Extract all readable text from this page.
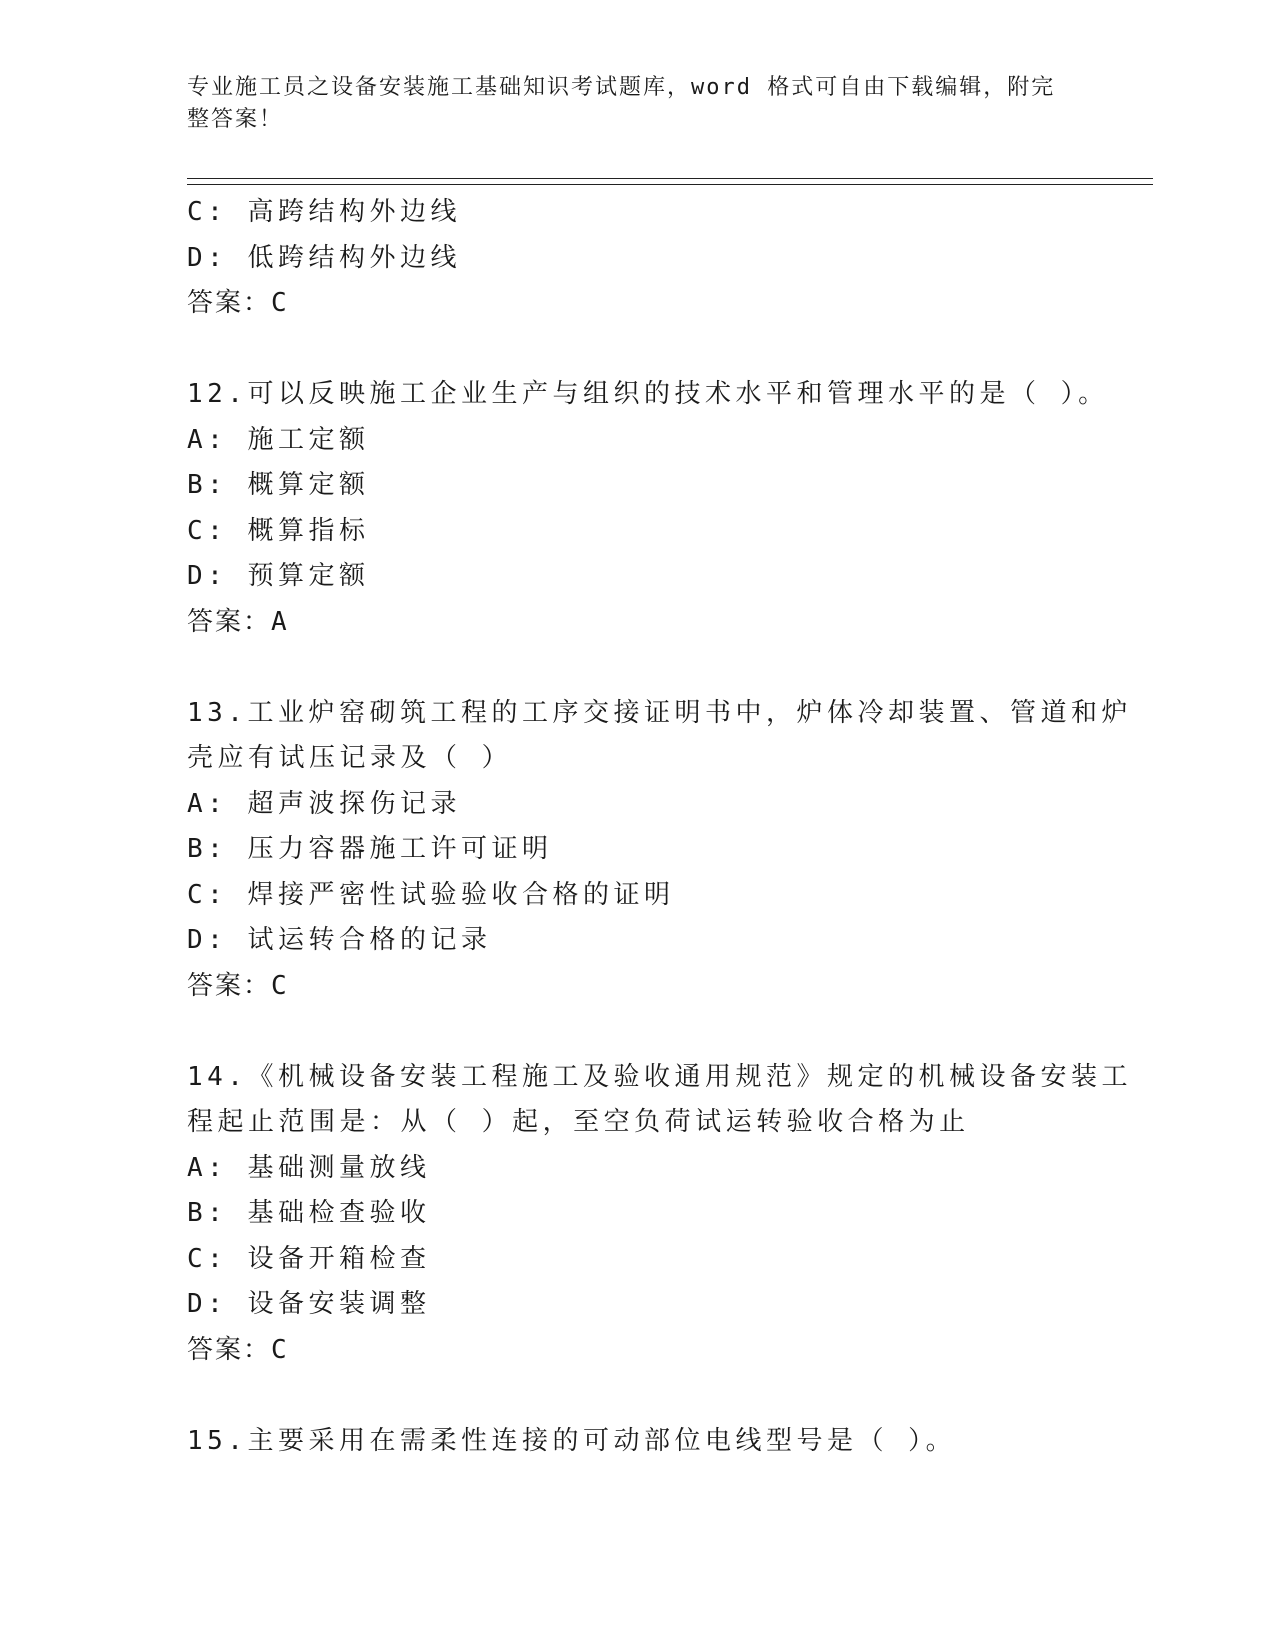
专业施工员之设备安装施工基础知识考试题库，word 格式可自由下载编辑，附完
整答案！
C: 高跨结构外边线
D: 低跨结构外边线
答案：C
12.可以反映施工企业生产与组织的技术水平和管理水平的是（ ）。
A: 施工定额
B: 概算定额
C: 概算指标
D: 预算定额
答案：A
13.工业炉窑砌筑工程的工序交接证明书中，炉体冷却装置、管道和炉
壳应有试压记录及（ ）
A: 超声波探伤记录
B: 压力容器施工许可证明
C: 焊接严密性试验验收合格的证明
D: 试运转合格的记录
答案：C
14.《机械设备安装工程施工及验收通用规范》规定的机械设备安装工
程起止范围是：从（ ）起，至空负荷试运转验收合格为止
A: 基础测量放线
B: 基础检查验收
C: 设备开箱检查
D: 设备安装调整
答案：C
15.主要采用在需柔性连接的可动部位电线型号是（ ）。
